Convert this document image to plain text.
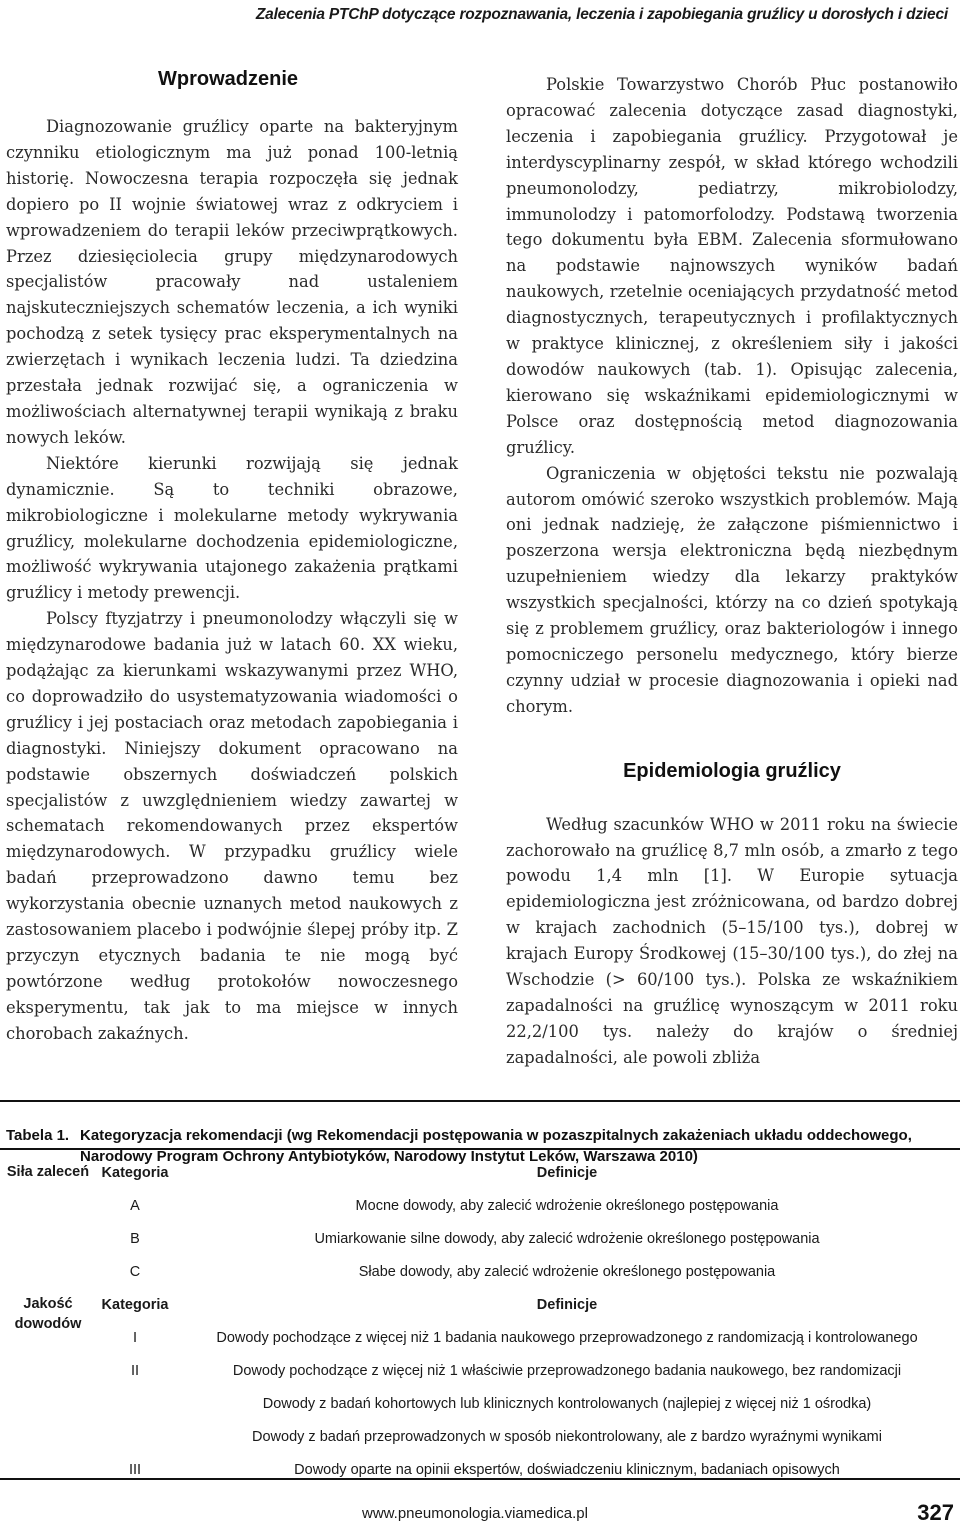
Zalecenia PTChP dotyczące rozpoznawania, leczenia i zapobiegania gruźlicy u dorosłych i dzieci
Wprowadzenie

Diagnozowanie gruźlicy oparte na bakteryjnym czynniku etiologicznym ma już ponad 100-letnią historię. Nowoczesna terapia rozpoczęła się jednak dopiero po II wojnie światowej wraz z odkryciem i wprowadzeniem do terapii leków przeciwprątkowych. Przez dziesięciolecia grupy międzynarodowych specjalistów pracowały nad ustaleniem najskuteczniejszych schematów leczenia, a ich wyniki pochodzą z setek tysięcy prac eksperymentalnych na zwierzętach i wynikach leczenia ludzi. Ta dziedzina przestała jednak rozwijać się, a ograniczenia w możliwościach alternatywnej terapii wynikają z braku nowych leków.

Niektóre kierunki rozwijają się jednak dynamicznie. Są to techniki obrazowe, mikrobiologiczne i molekularne metody wykrywania gruźlicy, molekularne dochodzenia epidemiologiczne, możliwość wykrywania utajonego zakażenia prątkami gruźlicy i metody prewencji.

Polscy ftyzjatrzy i pneumonolodzy włączyli się w międzynarodowe badania już w latach 60. XX wieku, podążając za kierunkami wskazywanymi przez WHO, co doprowadziło do usystematyzowania wiadomości o gruźlicy i jej postaciach oraz metodach zapobiegania i diagnostyki. Niniejszy dokument opracowano na podstawie obszernych doświadczeń polskich specjalistów z uwzględnieniem wiedzy zawartej w schematach rekomendowanych przez ekspertów międzynarodowych. W przypadku gruźlicy wiele badań przeprowadzono dawno temu bez wykorzystania obecnie uznanych metod naukowych z zastosowaniem placebo i podwójnie ślepej próby itp. Z przyczyn etycznych badania te nie mogą być powtórzone według protokołów nowoczesnego eksperymentu, tak jak to ma miejsce w innych chorobach zakaźnych.

Polskie Towarzystwo Chorób Płuc postanowiło opracować zalecenia dotyczące zasad diagnostyki, leczenia i zapobiegania gruźlicy. Przygotował je interdyscyplinarny zespół, w skład którego wchodzili pneumonolodzy, pediatrzy, mikrobiolodzy, immunolodzy i patomorfolodzy. Podstawą tworzenia tego dokumentu była EBM. Zalecenia sformułowano na podstawie najnowszych wyników badań naukowych, rzetelnie oceniających przydatność metod diagnostycznych, terapeutycznych i profilaktycznych w praktyce klinicznej, z określeniem siły i jakości dowodów naukowych (tab. 1). Opisując zalecenia, kierowano się wskaźnikami epidemiologicznymi w Polsce oraz dostępnością metod diagnozowania gruźlicy.

Ograniczenia w objętości tekstu nie pozwalają autorom omówić szeroko wszystkich problemów. Mają oni jednak nadzieję, że załączone piśmiennictwo i poszerzona wersja elektroniczna będą niezbędnym uzupełnieniem wiedzy dla lekarzy praktyków wszystkich specjalności, którzy na co dzień spotykają się z problemem gruźlicy, oraz bakteriologów i innego pomocniczego personelu medycznego, który bierze czynny udział w procesie diagnozowania i opieki nad chorym.

Epidemiologia gruźlicy

Według szacunków WHO w 2011 roku na świecie zachorowało na gruźlicę 8,7 mln osób, a zmarło z tego powodu 1,4 mln [1]. W Europie sytuacja epidemiologiczna jest zróżnicowana, od bardzo dobrej w krajach zachodnich (5–15/100 tys.), dobrej w krajach Europy Środkowej (15–30/100 tys.), do złej na Wschodzie (> 60/100 tys.). Polska ze wskaźnikiem zapadalności na gruźlicę wynoszącym w 2011 roku 22,2/100 tys. należy do krajów o średniej zapadalności, ale powoli zbliża

Tabela 1. Kategoryzacja rekomendacji (wg Rekomendacji postępowania w pozaszpitalnych zakażeniach układu oddechowego, Narodowy Program Ochrony Antybiotyków, Narodowy Instytut Leków, Warszawa 2010)
Siła zaleceń	Kategoria	Definicje
	A	Mocne dowody, aby zalecić wdrożenie określonego postępowania
	B	Umiarkowanie silne dowody, aby zalecić wdrożenie określonego postępowania
	C	Słabe dowody, aby zalecić wdrożenie określonego postępowania
Jakość dowodów	Kategoria	Definicje
	I	Dowody pochodzące z więcej niż 1 badania naukowego przeprowadzonego z randomizacją i kontrolowanego
	II	Dowody pochodzące z więcej niż 1 właściwie przeprowadzonego badania naukowego, bez randomizacji
		Dowody z badań kohortowych lub klinicznych kontrolowanych (najlepiej z więcej niż 1 ośrodka)
		Dowody z badań przeprowadzonych w sposób niekontrolowany, ale z bardzo wyraźnymi wynikami
	III	Dowody oparte na opinii ekspertów, doświadczeniu klinicznym, badaniach opisowych
www.pneumonologia.viamedica.pl	327
